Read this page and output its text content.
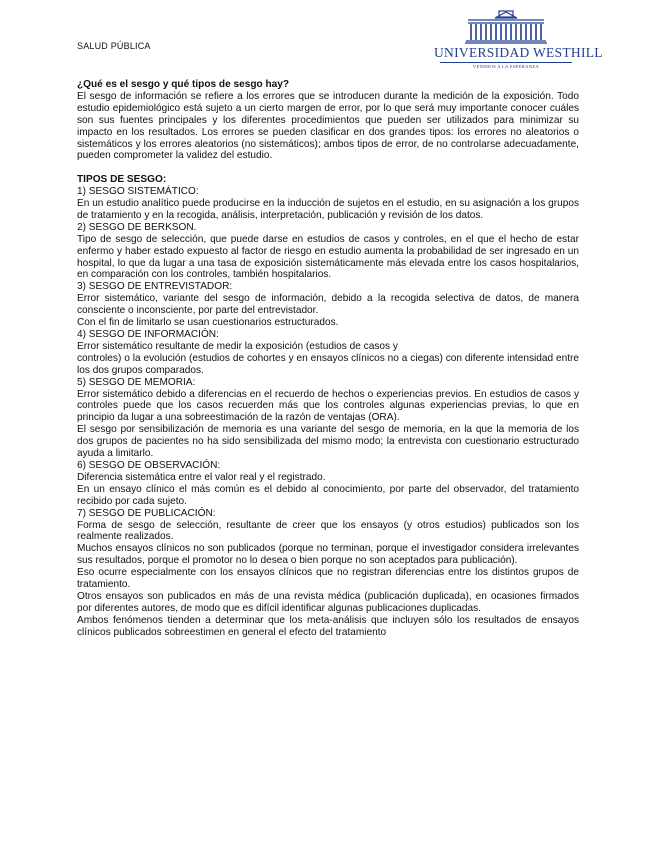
SALUD PÚBLICA	UNIVERSIDAD WESTHILL
VENIMOS A LA ESPERANZA

¿Qué es el sesgo y qué tipos de sesgo hay?

El sesgo de información se refiere a los errores que se introducen durante la medición de la exposición. Todo estudio epidemiológico está sujeto a un cierto margen de error, por lo que será muy importante conocer cuáles son sus fuentes principales y los diferentes procedimientos que pueden ser utilizados para minimizar su impacto en los resultados. Los errores se pueden clasificar en dos grandes tipos: los errores no aleatorios o sistemáticos y los errores aleatorios (no sistemáticos); ambos tipos de error, de no controlarse adecuadamente, pueden comprometer la validez del estudio.

TIPOS DE SESGO:

1) SESGO SISTEMÁTICO:

En un estudio analítico puede producirse en la inducción de sujetos en el estudio, en su asignación a los grupos de tratamiento y en la recogida, análisis, interpretación, publicación y revisión de los datos.

2) SESGO DE BERKSON.

Tipo de sesgo de selección, que puede darse en estudios de casos y controles, en el que el hecho de estar enfermo y haber estado expuesto al factor de riesgo en estudio aumenta la probabilidad de ser ingresado en un hospital, lo que da lugar a una tasa de exposición sistemáticamente más elevada entre los casos hospitalarios, en comparación con los controles, también hospitalarios.

3) SESGO DE ENTREVISTADOR:

Error sistemático, variante del sesgo de información, debido a la recogida selectiva de datos, de manera consciente o inconsciente, por parte del entrevistador.

Con el fin de limitarlo se usan cuestionarios estructurados.

4) SESGO DE INFORMACIÓN:

Error sistemático resultante de medir la exposición (estudios de casos y

controles) o la evolución (estudios de cohortes y en ensayos clínicos no a ciegas) con diferente intensidad entre los dos grupos comparados.

5) SESGO DE MEMORIA:

Error sistemático debido a diferencias en el recuerdo de hechos o experiencias previos. En estudios de casos y controles puede que los casos recuerden más que los controles algunas experiencias previas, lo que en principio da lugar a una sobreestimación de la razón de ventajas (ORA).

El sesgo por sensibilización de memoria es una variante del sesgo de memoria, en la que la memoria de los dos grupos de pacientes no ha sido sensibilizada del mismo modo; la entrevista con cuestionario estructurado ayuda a limitarlo.

6) SESGO DE OBSERVACIÓN:

Diferencia sistemática entre el valor real y el registrado.

En un ensayo clínico el más común es el debido al conocimiento, por parte del observador, del tratamiento recibido por cada sujeto.

7) SESGO DE PUBLICACIÓN:

Forma de sesgo de selección, resultante de creer que los ensayos (y otros estudios) publicados son los realmente realizados.

Muchos ensayos clínicos no son publicados (porque no terminan, porque el investigador considera irrelevantes sus resultados, porque el promotor no lo desea o bien porque no son aceptados para publicación).

Eso ocurre especialmente con los ensayos clínicos que no registran diferencias entre los distintos grupos de tratamiento.

Otros ensayos son publicados en más de una revista médica (publicación duplicada), en ocasiones firmados por diferentes autores, de modo que es difícil identificar algunas publicaciones duplicadas.

Ambos fenómenos tienden a determinar que los meta-análisis que incluyen sólo los resultados de ensayos clínicos publicados sobreestimen en general el efecto del tratamiento
